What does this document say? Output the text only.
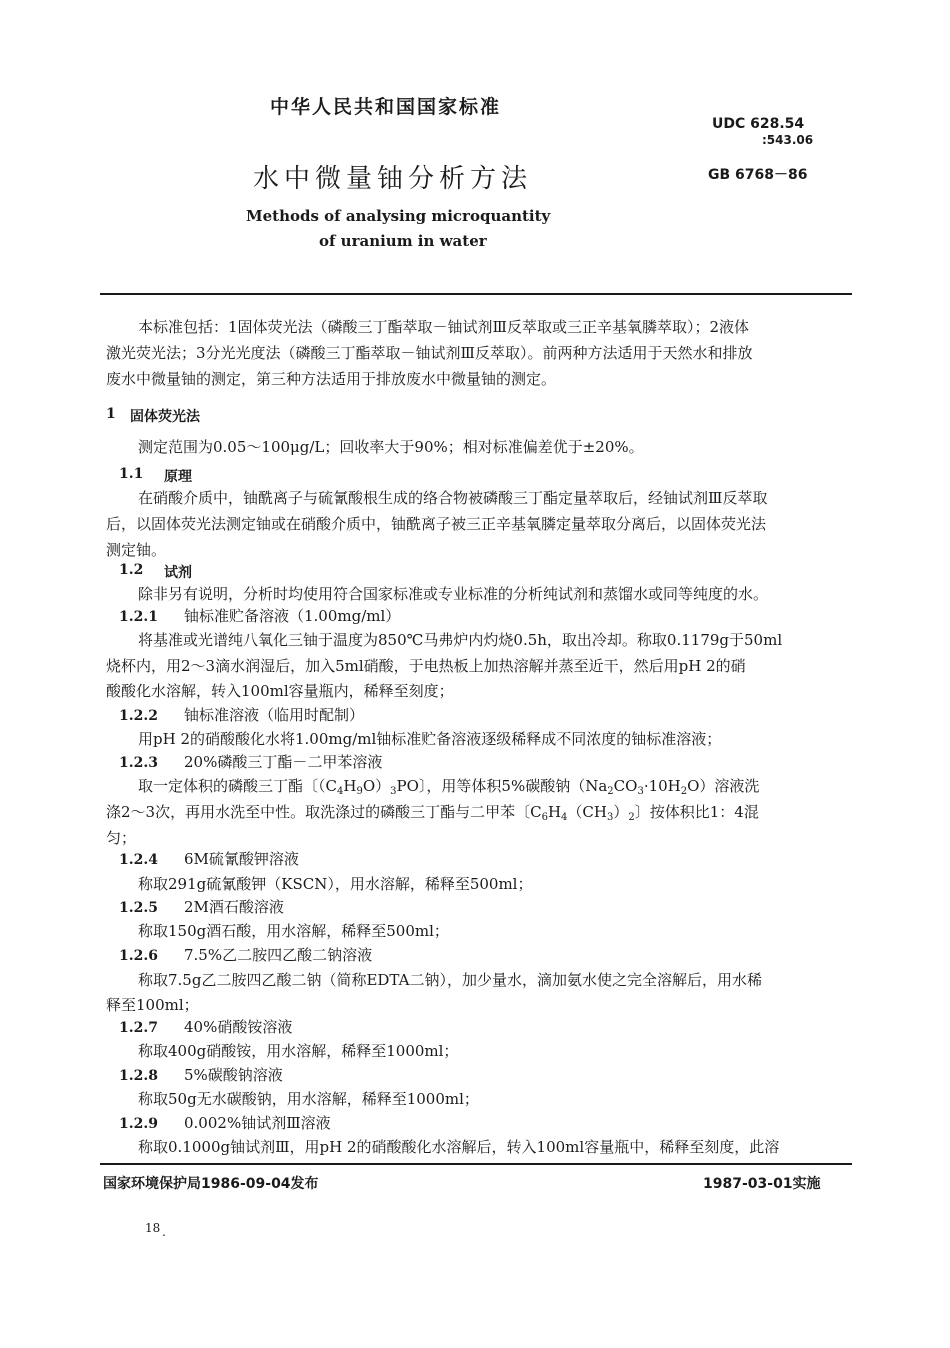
中华人民共和国国家标准
UDC 628.54
:543.06
水中微量铀分析方法	GB 6768－86
Methods of analysing microquantity
of uranium in water
本标准包括：1固体荧光法（磷酸三丁酯萃取－铀试剂Ⅲ反萃取或三正辛基氧膦萃取）；2液体
激光荧光法；3分光光度法（磷酸三丁酯萃取－铀试剂Ⅲ反萃取）。前两种方法适用于天然水和排放
废水中微量铀的测定，第三种方法适用于排放废水中微量铀的测定。
1 固体荧光法
测定范围为0.05～100μg/L；回收率大于90%；相对标准偏差优于±20%。
1.1 原理
在硝酸介质中，铀酰离子与硫氰酸根生成的络合物被磷酸三丁酯定量萃取后，经铀试剂Ⅲ反萃取
后，以固体荧光法测定铀或在硝酸介质中，铀酰离子被三正辛基氧膦定量萃取分离后，以固体荧光法
测定铀。
1.2 试剂
除非另有说明，分析时均使用符合国家标准或专业标准的分析纯试剂和蒸馏水或同等纯度的水。
1.2.1 铀标准贮备溶液（1.00mg/ml）
将基准或光谱纯八氧化三铀于温度为850℃马弗炉内灼烧0.5h，取出冷却。称取0.1179g于50ml
烧杯内，用2～3滴水润湿后，加入5ml硝酸，于电热板上加热溶解并蒸至近干，然后用pH 2的硝
酸酸化水溶解，转入100ml容量瓶内，稀释至刻度；
1.2.2 铀标准溶液（临用时配制）
用pH 2的硝酸酸化水将1.00mg/ml铀标准贮备溶液逐级稀释成不同浓度的铀标准溶液；
1.2.3 20%磷酸三丁酯－二甲苯溶液
取一定体积的磷酸三丁酯〔$(C_4H_9O)_3PO$〕，用等体积5%碳酸钠$(Na_2CO_3\cdot 10H_2O)$溶液洗
涤2～3次，再用水洗至中性。取洗涤过的磷酸三丁酯与二甲苯〔$C_6H_4(CH_3)_2$〕按体积比1：4混
匀；
1.2.4 6M硫氰酸钾溶液
称取291g硫氰酸钾（KSCN），用水溶解，稀释至500ml；
1.2.5 2M酒石酸溶液
称取150g酒石酸，用水溶解，稀释至500ml；
1.2.6 7.5%乙二胺四乙酸二钠溶液
称取7.5g乙二胺四乙酸二钠（简称EDTA二钠），加少量水，滴加氨水使之完全溶解后，用水稀
释至100ml；
1.2.7 40%硝酸铵溶液
称取400g硝酸铵，用水溶解，稀释至1000ml；
1.2.8 5%碳酸钠溶液
称取50g无水碳酸钠，用水溶解，稀释至1000ml；
1.2.9 0.002%铀试剂Ⅲ溶液
称取0.1000g铀试剂Ⅲ，用pH 2的硝酸酸化水溶解后，转入100ml容量瓶中，稀释至刻度，此溶
国家环境保护局1986-09-04发布	1987-03-01实施
18 .
